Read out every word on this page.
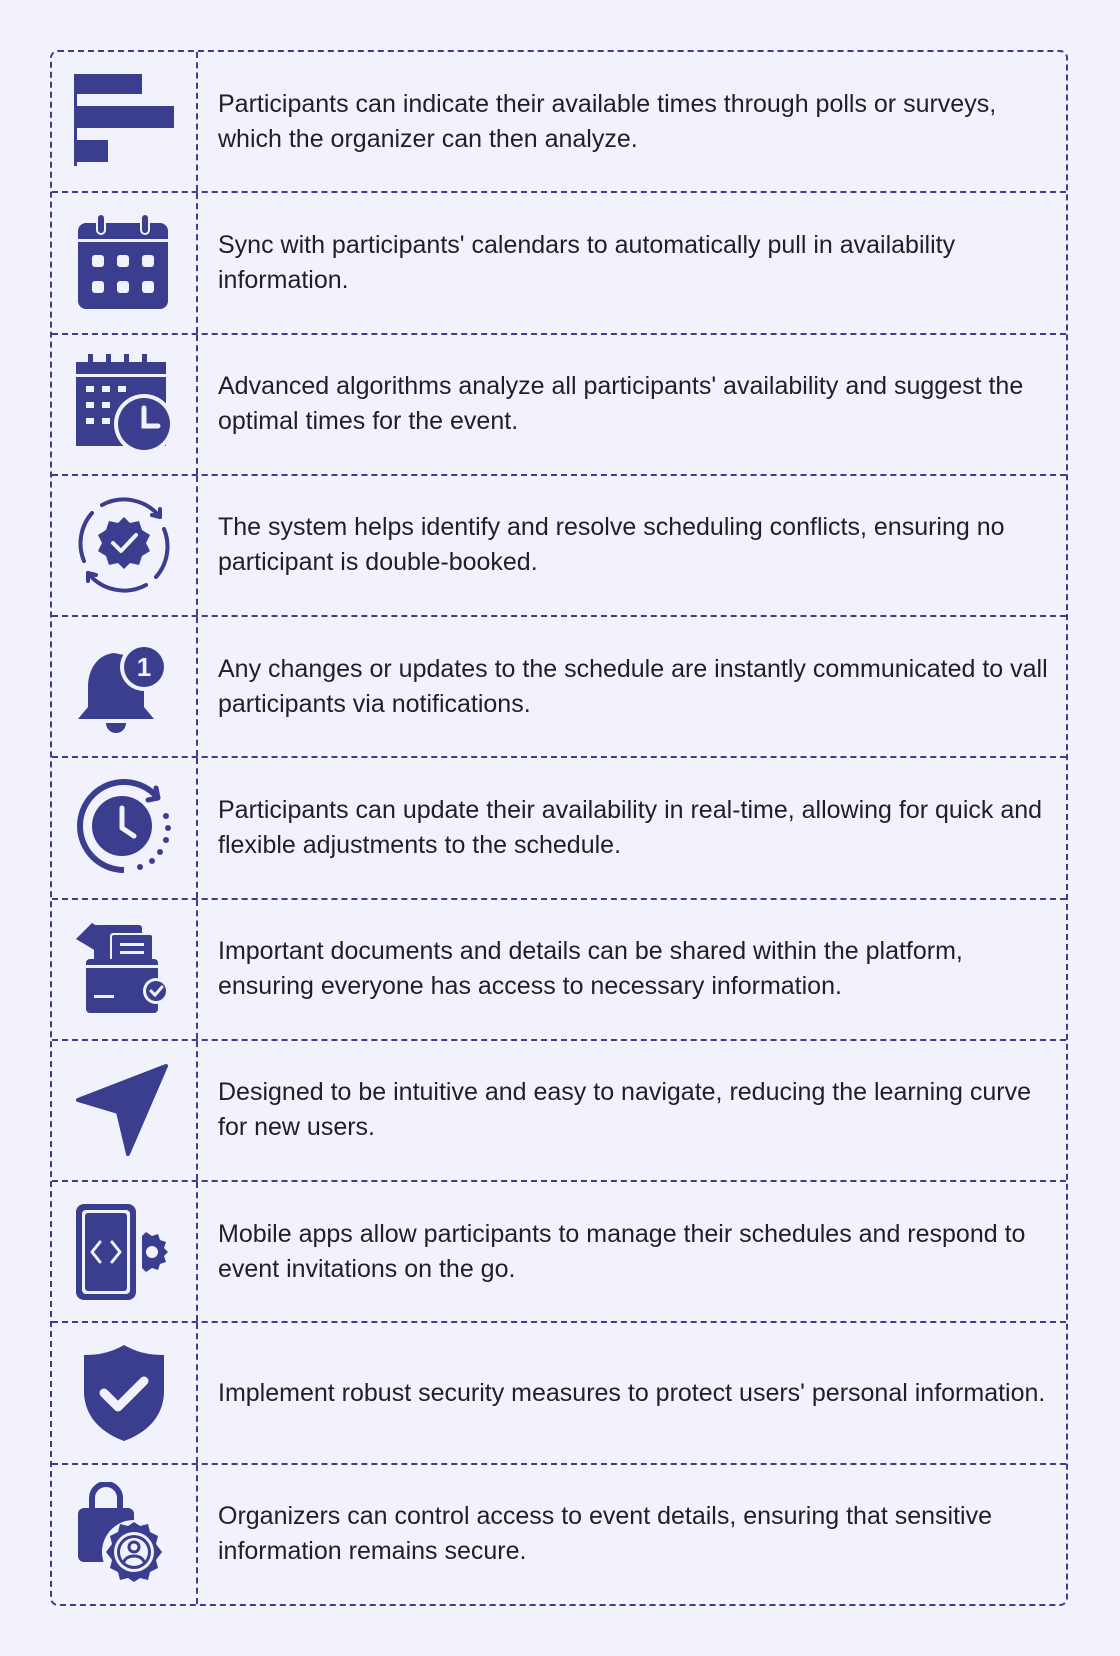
Participants can indicate their available times through polls or surveys, which the organizer can then analyze.

Sync with participants' calendars to automatically pull in availability information.

Advanced algorithms analyze all participants' availability and suggest the optimal times for the event.

The system helps identify and resolve scheduling conflicts, ensuring no participant is double-booked.

1	Any changes or updates to the schedule are instantly communicated to vall participants via notifications.

Participants can update their availability in real-time, allowing for quick and flexible adjustments to the schedule.

Important documents and details can be shared within the platform, ensuring everyone has access to necessary information.

Designed to be intuitive and easy to navigate, reducing the learning curve for new users.

Mobile apps allow participants to manage their schedules and respond to event invitations on the go.

Implement robust security measures to protect users' personal information.

Organizers can control access to event details, ensuring that sensitive information remains secure.
